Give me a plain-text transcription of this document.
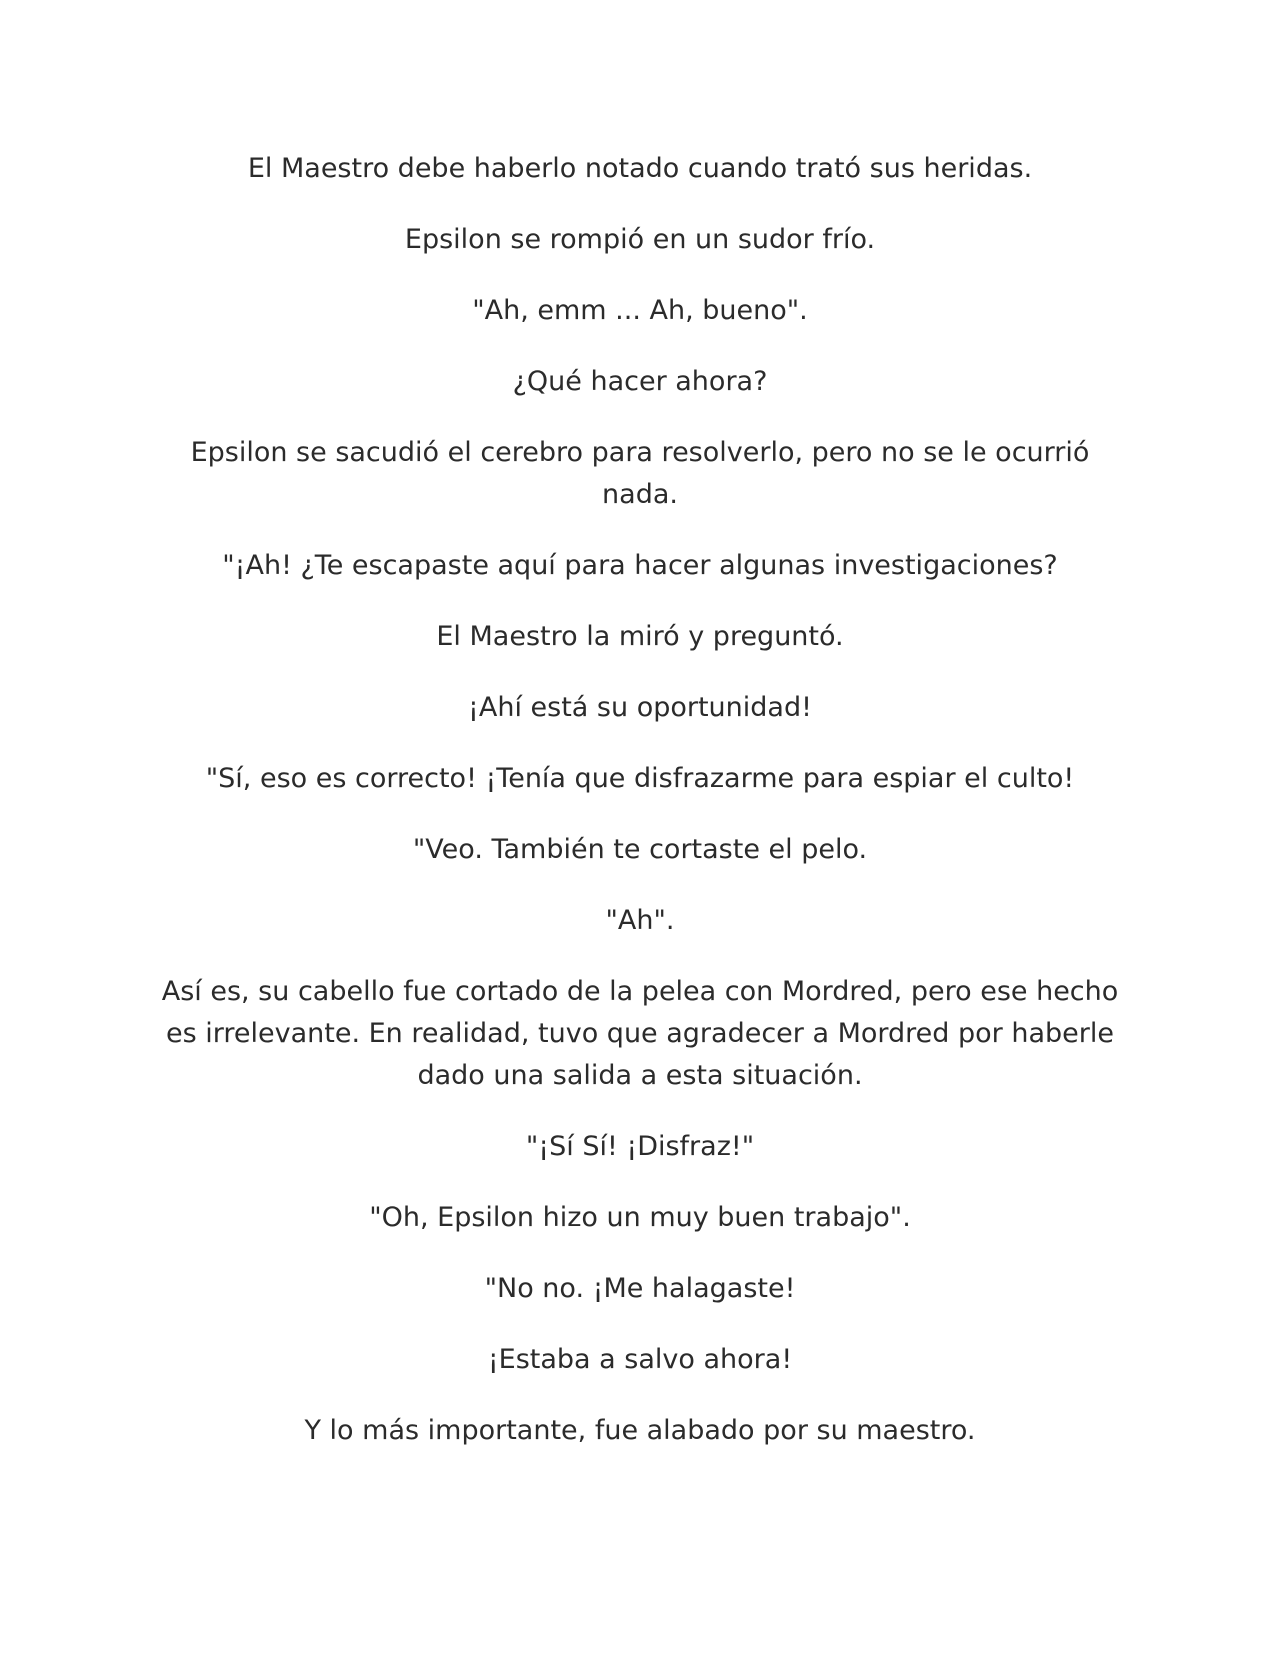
El Maestro debe haberlo notado cuando trató sus heridas.

Epsilon se rompió en un sudor frío.

"Ah, emm ... Ah, bueno".

¿Qué hacer ahora?

Epsilon se sacudió el cerebro para resolverlo, pero no se le ocurrió nada.

"¡Ah! ¿Te escapaste aquí para hacer algunas investigaciones?

El Maestro la miró y preguntó.

¡Ahí está su oportunidad!

"Sí, eso es correcto! ¡Tenía que disfrazarme para espiar el culto!

"Veo. También te cortaste el pelo.

"Ah".

Así es, su cabello fue cortado de la pelea con Mordred, pero ese hecho es irrelevante. En realidad, tuvo que agradecer a Mordred por haberle dado una salida a esta situación.

"¡Sí Sí! ¡Disfraz!"

"Oh, Epsilon hizo un muy buen trabajo".

"No no. ¡Me halagaste!

¡Estaba a salvo ahora!

Y lo más importante, fue alabado por su maestro.
